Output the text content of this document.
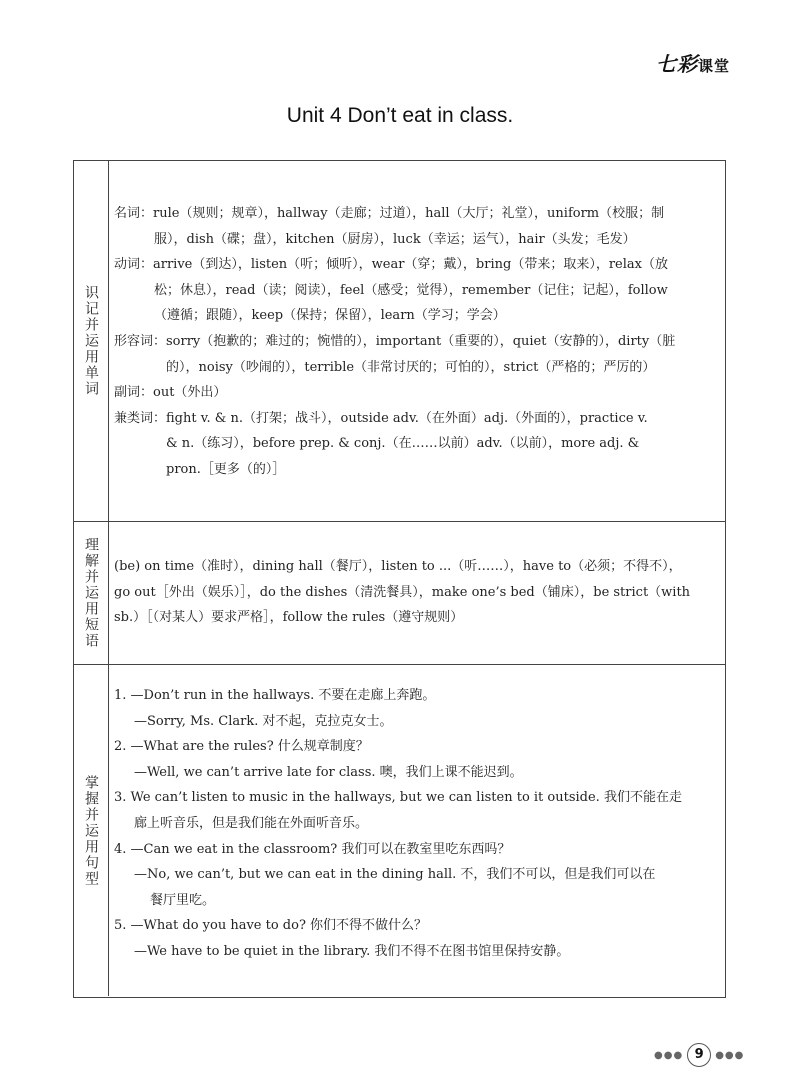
七彩课堂
Unit 4 Don’t eat in class.
识记并运用单词
名词：rule（规则；规章），hallway（走廊；过道），hall（大厅；礼堂），uniform（校服；制
服），dish（碟；盘），kitchen（厨房），luck（幸运；运气），hair（头发；毛发）
动词：arrive（到达），listen（听；倾听），wear（穿；戴），bring（带来；取来），relax（放
松；休息），read（读；阅读），feel（感受；觉得），remember（记住；记起），follow
（遵循；跟随），keep（保持；保留），learn（学习；学会）
形容词：sorry（抱歉的；难过的；惋惜的），important（重要的），quiet（安静的），dirty（脏
的），noisy（吵闹的），terrible（非常讨厌的；可怕的），strict（严格的；严厉的）
副词：out（外出）
兼类词：fight v. & n.（打架；战斗），outside adv.（在外面）adj.（外面的），practice v.
& n.（练习），before prep. & conj.（在……以前）adv.（以前），more adj. &
pron.［更多（的）］
理解并运用短语 (be) on time（准时），dining hall（餐厅），listen to ...（听……），have to（必须；不得不），
go out［外出（娱乐）］，do the dishes（清洗餐具），make one’s bed（铺床），be strict（with
sb.）［（对某人）要求严格］，follow the rules（遵守规则）
掌握并运用句型
1. —Don’t run in the hallways. 不要在走廊上奔跑。
—Sorry, Ms. Clark. 对不起，克拉克女士。
2. —What are the rules? 什么规章制度？
—Well, we can’t arrive late for class. 噢，我们上课不能迟到。
3. We can’t listen to music in the hallways, but we can listen to it outside. 我们不能在走
廊上听音乐，但是我们能在外面听音乐。
4. —Can we eat in the classroom? 我们可以在教室里吃东西吗？
—No, we can’t, but we can eat in the dining hall. 不，我们不可以，但是我们可以在
餐厅里吃。
5. —What do you have to do? 你们不得不做什么？
—We have to be quiet in the library. 我们不得不在图书馆里保持安静。
●●● 9	●●●
